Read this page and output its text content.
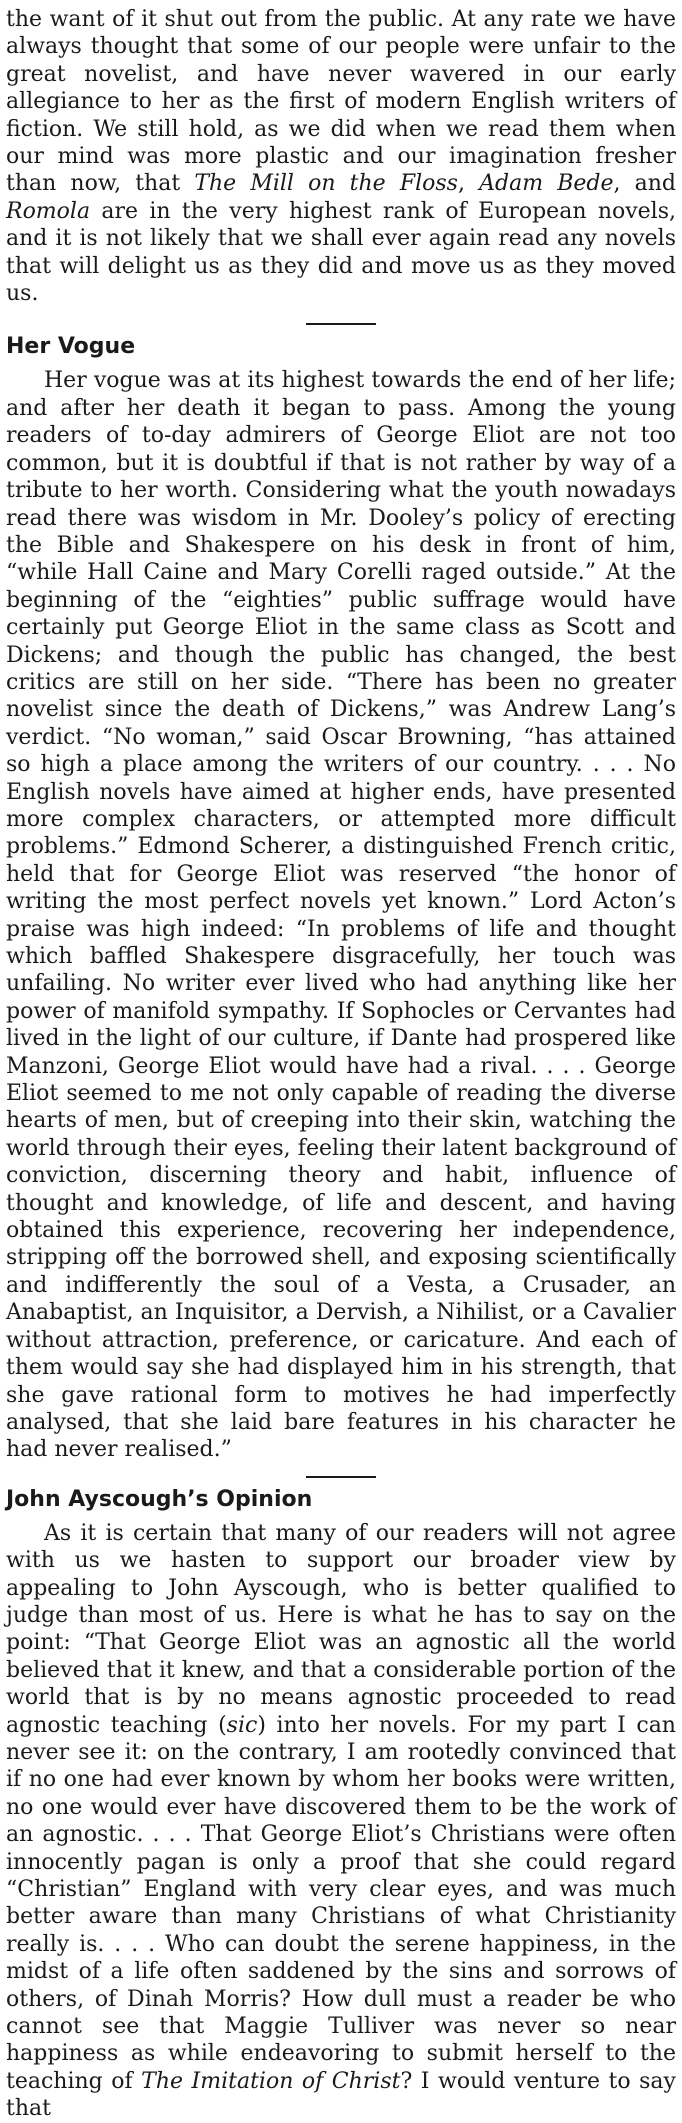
the want of it shut out from the public. At any rate we have always thought that some of our people were unfair to the great novelist, and have never wavered in our early allegiance to her as the first of modern English writers of fiction. We still hold, as we did when we read them when our mind was more plastic and our imagination fresher than now, that The Mill on the Floss, Adam Bede, and Romola are in the very highest rank of European novels, and it is not likely that we shall ever again read any novels that will delight us as they did and move us as they moved us.

Her Vogue

Her vogue was at its highest towards the end of her life; and after her death it began to pass. Among the young readers of to-day admirers of George Eliot are not too common, but it is doubtful if that is not rather by way of a tribute to her worth. Considering what the youth nowadays read there was wisdom in Mr. Dooley’s policy of erecting the Bible and Shakespere on his desk in front of him, “while Hall Caine and Mary Corelli raged outside.” At the beginning of the “eighties” public suffrage would have certainly put George Eliot in the same class as Scott and Dickens; and though the public has changed, the best critics are still on her side. “There has been no greater novelist since the death of Dickens,” was Andrew Lang’s verdict. “No woman,” said Oscar Browning, “has attained so high a place among the writers of our country. . . . No English novels have aimed at higher ends, have presented more complex characters, or attempted more difficult problems.” Edmond Scherer, a distinguished French critic, held that for George Eliot was reserved “the honor of writing the most perfect novels yet known.” Lord Acton’s praise was high indeed: “In problems of life and thought which baffled Shakespere disgracefully, her touch was unfailing. No writer ever lived who had anything like her power of manifold sympathy. If Sophocles or Cervantes had lived in the light of our culture, if Dante had prospered like Manzoni, George Eliot would have had a rival. . . . George Eliot seemed to me not only capable of reading the diverse hearts of men, but of creeping into their skin, watching the world through their eyes, feeling their latent background of conviction, discerning theory and habit, influence of thought and knowledge, of life and descent, and having obtained this experience, recovering her independence, stripping off the borrowed shell, and exposing scientifically and indifferently the soul of a Vesta, a Crusader, an Anabaptist, an Inquisitor, a Dervish, a Nihilist, or a Cavalier without attraction, preference, or caricature. And each of them would say she had displayed him in his strength, that she gave rational form to motives he had imperfectly analysed, that she laid bare features in his character he had never realised.”

John Ayscough’s Opinion

As it is certain that many of our readers will not agree with us we hasten to support our broader view by appealing to John Ayscough, who is better qualified to judge than most of us. Here is what he has to say on the point: “That George Eliot was an agnostic all the world believed that it knew, and that a considerable portion of the world that is by no means agnostic proceeded to read agnostic teaching (sic) into her novels. For my part I can never see it: on the contrary, I am rootedly convinced that if no one had ever known by whom her books were written, no one would ever have discovered them to be the work of an agnostic. . . . That George Eliot’s Christians were often innocently pagan is only a proof that she could regard “Christian” England with very clear eyes, and was much better aware than many Christians of what Christianity really is. . . . Who can doubt the serene happiness, in the midst of a life often saddened by the sins and sorrows of others, of Dinah Morris? How dull must a reader be who cannot see that Maggie Tulliver was never so near happiness as while endeavoring to submit herself to the teaching of The Imitation of Christ? I would venture to say that
